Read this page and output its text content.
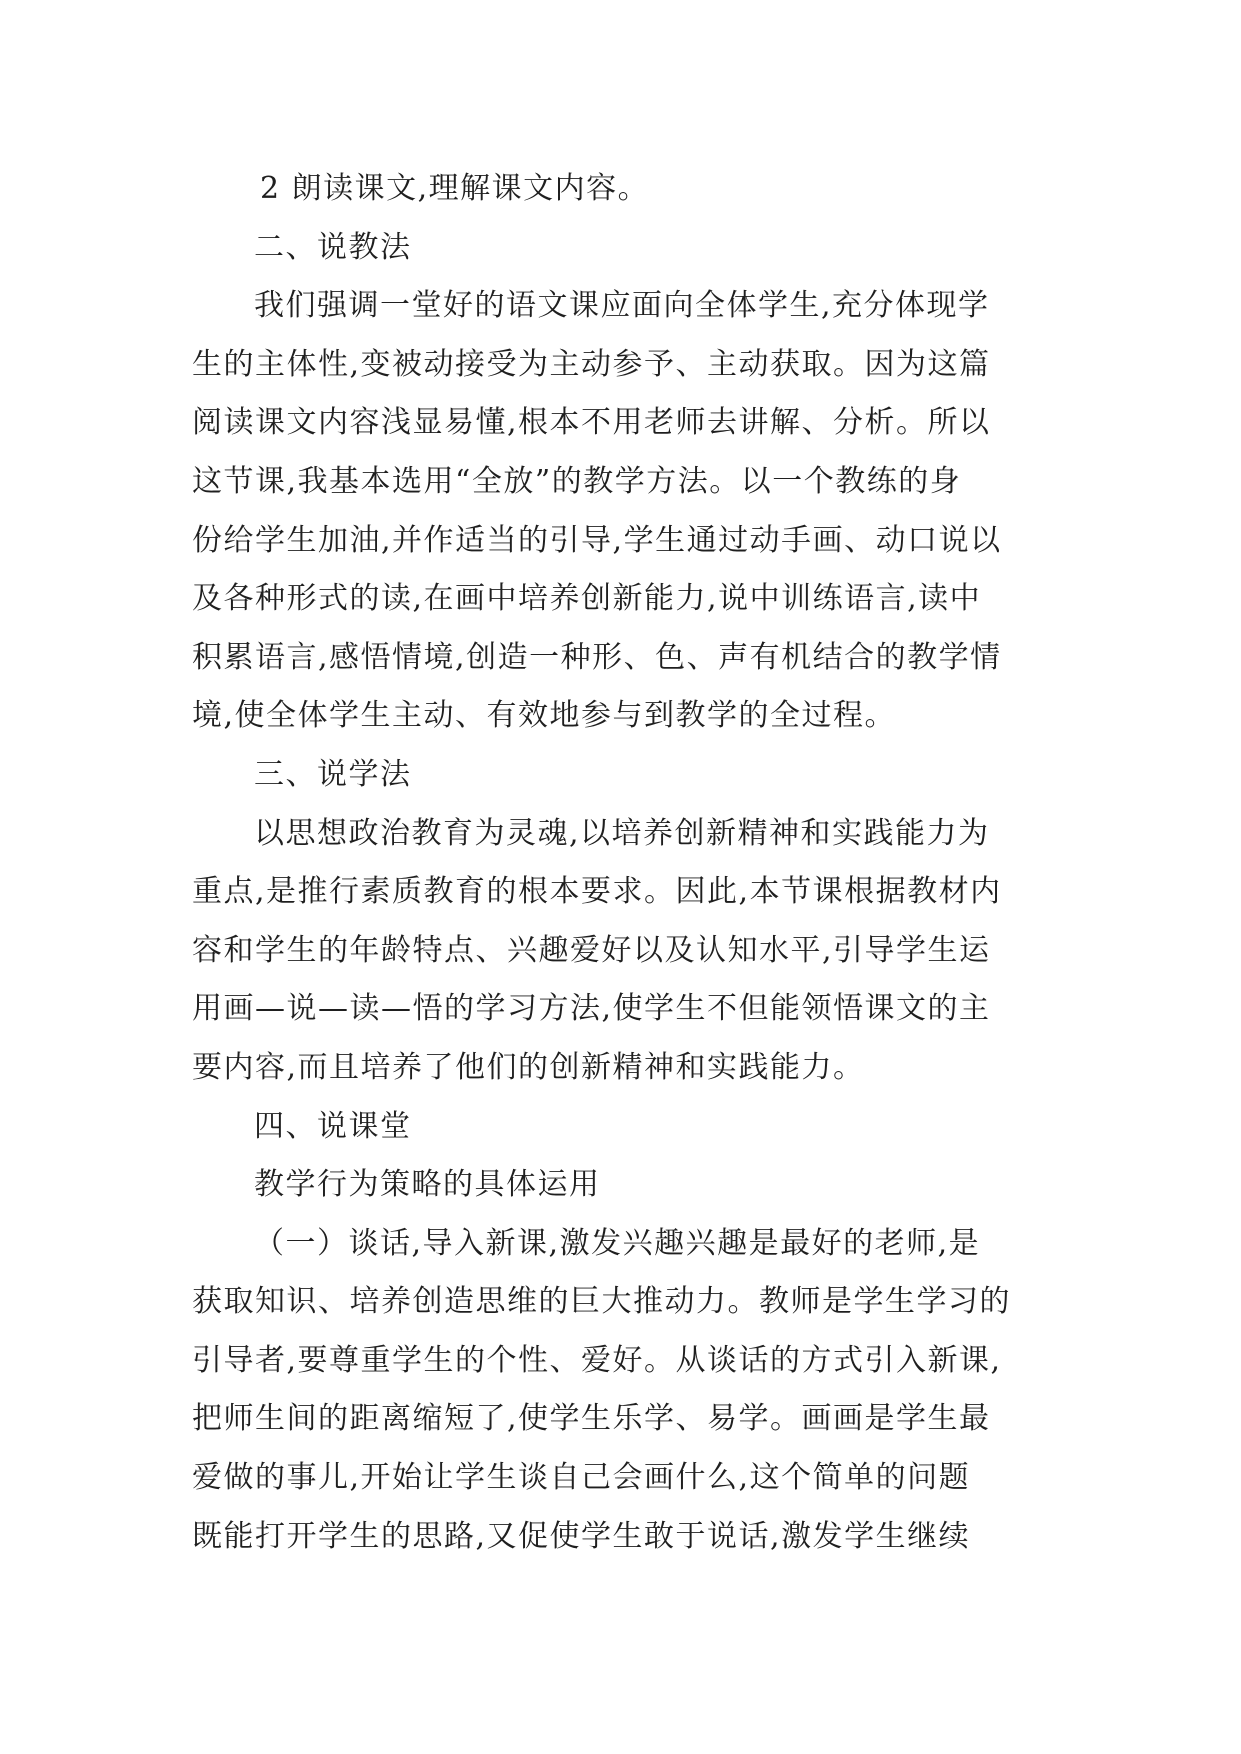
2 朗读课文,理解课文内容。
二、说教法
我们强调一堂好的语文课应面向全体学生,充分体现学
生的主体性,变被动接受为主动参予、主动获取。因为这篇
阅读课文内容浅显易懂,根本不用老师去讲解、分析。所以
这节课,我基本选用“全放”的教学方法。以一个教练的身
份给学生加油,并作适当的引导,学生通过动手画、动口说以
及各种形式的读,在画中培养创新能力,说中训练语言,读中
积累语言,感悟情境,创造一种形、色、声有机结合的教学情
境,使全体学生主动、有效地参与到教学的全过程。
三、说学法
以思想政治教育为灵魂,以培养创新精神和实践能力为
重点,是推行素质教育的根本要求。因此,本节课根据教材内
容和学生的年龄特点、兴趣爱好以及认知水平,引导学生运
用画—说—读—悟的学习方法,使学生不但能领悟课文的主
要内容,而且培养了他们的创新精神和实践能力。
四、说课堂
教学行为策略的具体运用
（一）谈话,导入新课,激发兴趣兴趣是最好的老师,是
获取知识、培养创造思维的巨大推动力。教师是学生学习的
引导者,要尊重学生的个性、爱好。从谈话的方式引入新课,
把师生间的距离缩短了,使学生乐学、易学。画画是学生最
爱做的事儿,开始让学生谈自己会画什么,这个简单的问题
既能打开学生的思路,又促使学生敢于说话,激发学生继续
